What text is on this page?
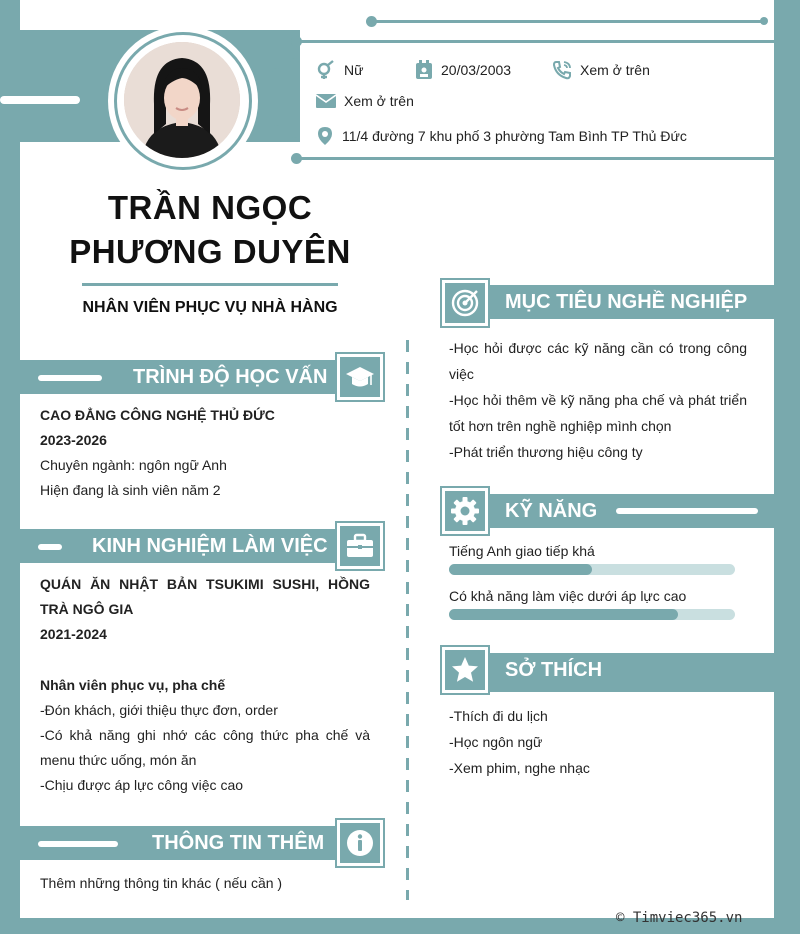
Nữ	20/03/2003	Xem ở trên
Xem ở trên
11/4 đường 7 khu phố 3 phường Tam Bình TP Thủ Đức
TRẦN NGỌC
PHƯƠNG DUYÊN
NHÂN VIÊN PHỤC VỤ NHÀ HÀNG
TRÌNH ĐỘ HỌC VẤN
CAO ĐẲNG CÔNG NGHỆ THỦ ĐỨC
2023-2026
Chuyên ngành: ngôn ngữ Anh
Hiện đang là sinh viên năm 2
KINH NGHIỆM LÀM VIỆC
QUÁN ĂN NHẬT BẢN TSUKIMI SUSHI, HỒNG TRÀ NGÔ GIA
2021-2024
Nhân viên phục vụ, pha chế
-Đón khách, giới thiệu thực đơn, order
-Có khả năng ghi nhớ các công thức pha chế và menu thức uống, món ăn
-Chịu được áp lực công việc cao
THÔNG TIN THÊM
Thêm những thông tin khác ( nếu cần )
MỤC TIÊU NGHỀ NGHIỆP
-Học hỏi được các kỹ năng cần có trong công việc
-Học hỏi thêm về kỹ năng pha chế và phát triển tốt hơn trên nghề nghiệp mình chọn
-Phát triển thương hiệu công ty
KỸ NĂNG
Tiếng Anh giao tiếp khá
Có khả năng làm việc dưới áp lực cao
SỞ THÍCH
-Thích đi du lịch
-Học ngôn ngữ
-Xem phim, nghe nhạc
© Timviec365.vn
